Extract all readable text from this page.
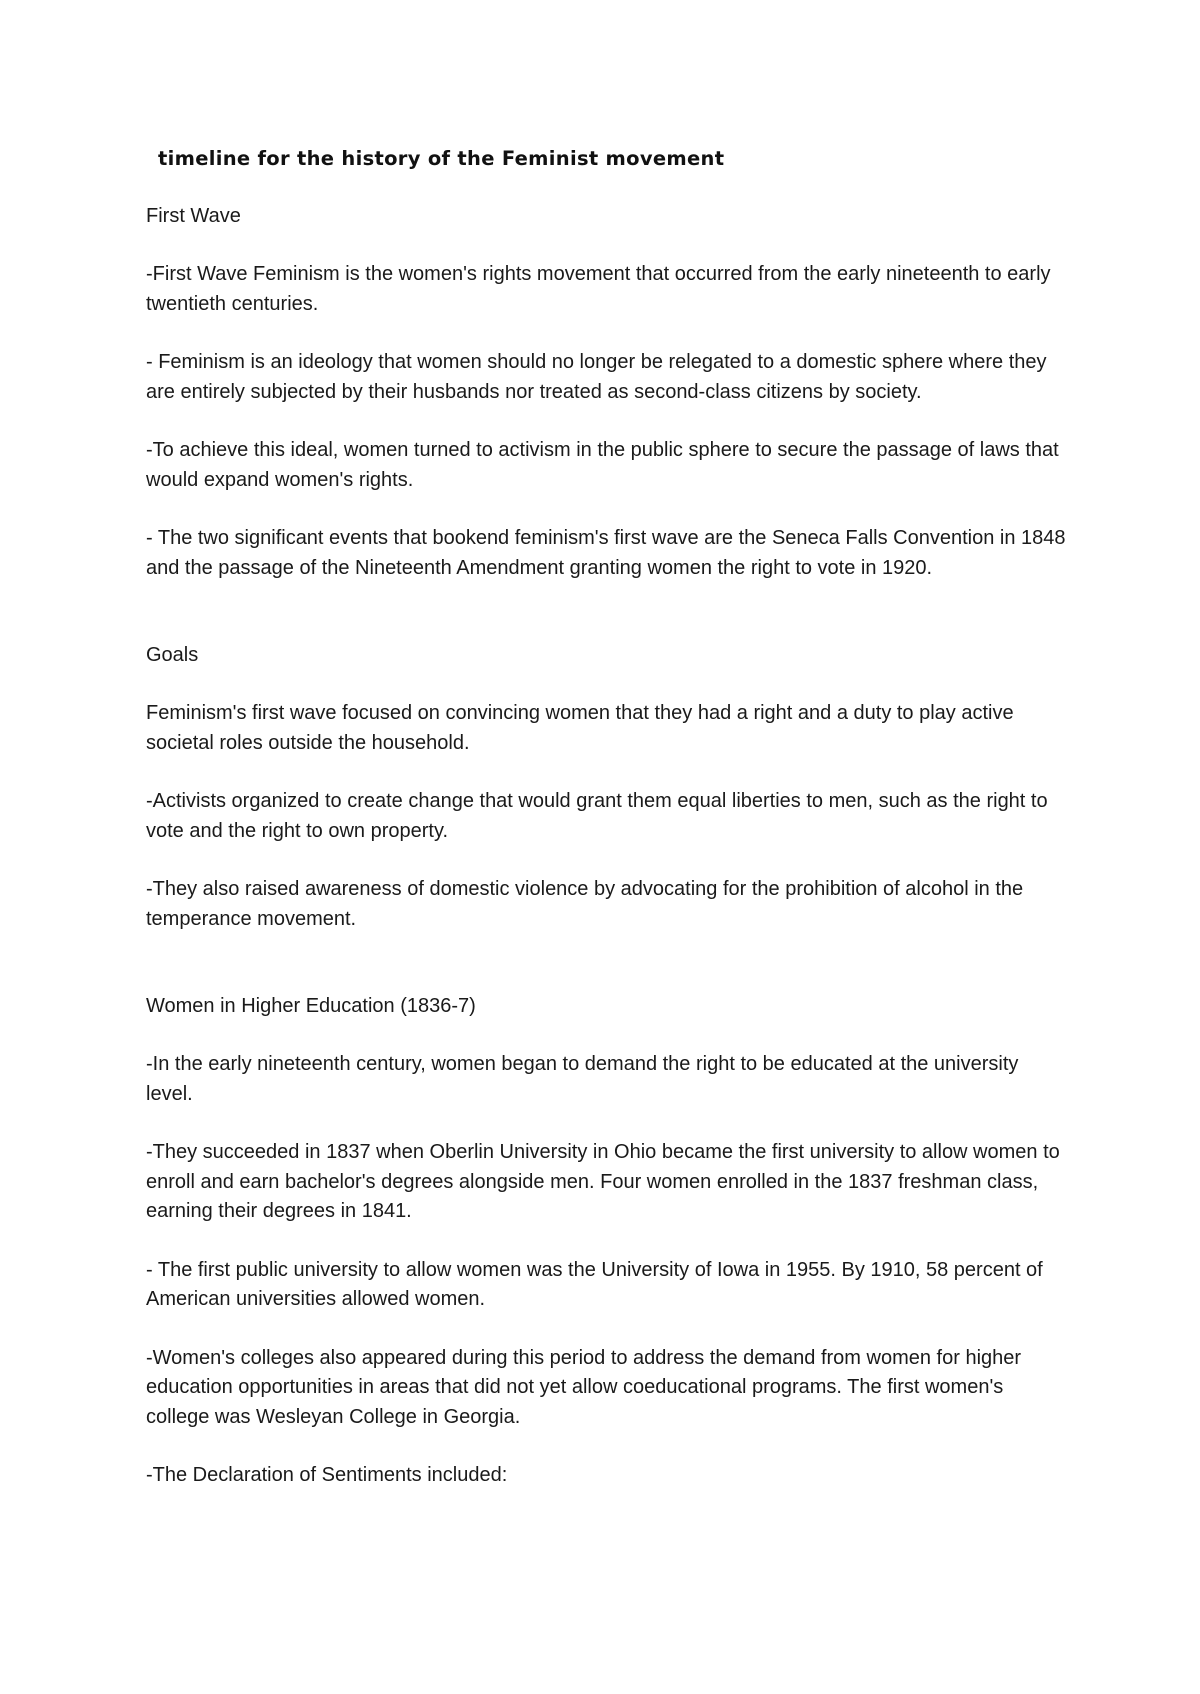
timeline for the history of the Feminist movement
First Wave

-First Wave Feminism is the women's rights movement that occurred from the early nineteenth to early twentieth centuries.

- Feminism is an ideology that women should no longer be relegated to a domestic sphere where they are entirely subjected by their husbands nor treated as second-class citizens by society.

-To achieve this ideal, women turned to activism in the public sphere to secure the passage of laws that would expand women's rights.

- The two significant events that bookend feminism's first wave are the Seneca Falls Convention in 1848 and the passage of the Nineteenth Amendment granting women the right to vote in 1920.

Goals

Feminism's first wave focused on convincing women that they had a right and a duty to play active societal roles outside the household.

-Activists organized to create change that would grant them equal liberties to men, such as the right to vote and the right to own property.

-They also raised awareness of domestic violence by advocating for the prohibition of alcohol in the temperance movement.

Women in Higher Education (1836-7)

-In the early nineteenth century, women began to demand the right to be educated at the university level.

-They succeeded in 1837 when Oberlin University in Ohio became the first university to allow women to enroll and earn bachelor's degrees alongside men. Four women enrolled in the 1837 freshman class, earning their degrees in 1841.

- The first public university to allow women was the University of Iowa in 1955. By 1910, 58 percent of American universities allowed women.

-Women's colleges also appeared during this period to address the demand from women for higher education opportunities in areas that did not yet allow coeducational programs. The first women's college was Wesleyan College in Georgia.

-The Declaration of Sentiments included:
